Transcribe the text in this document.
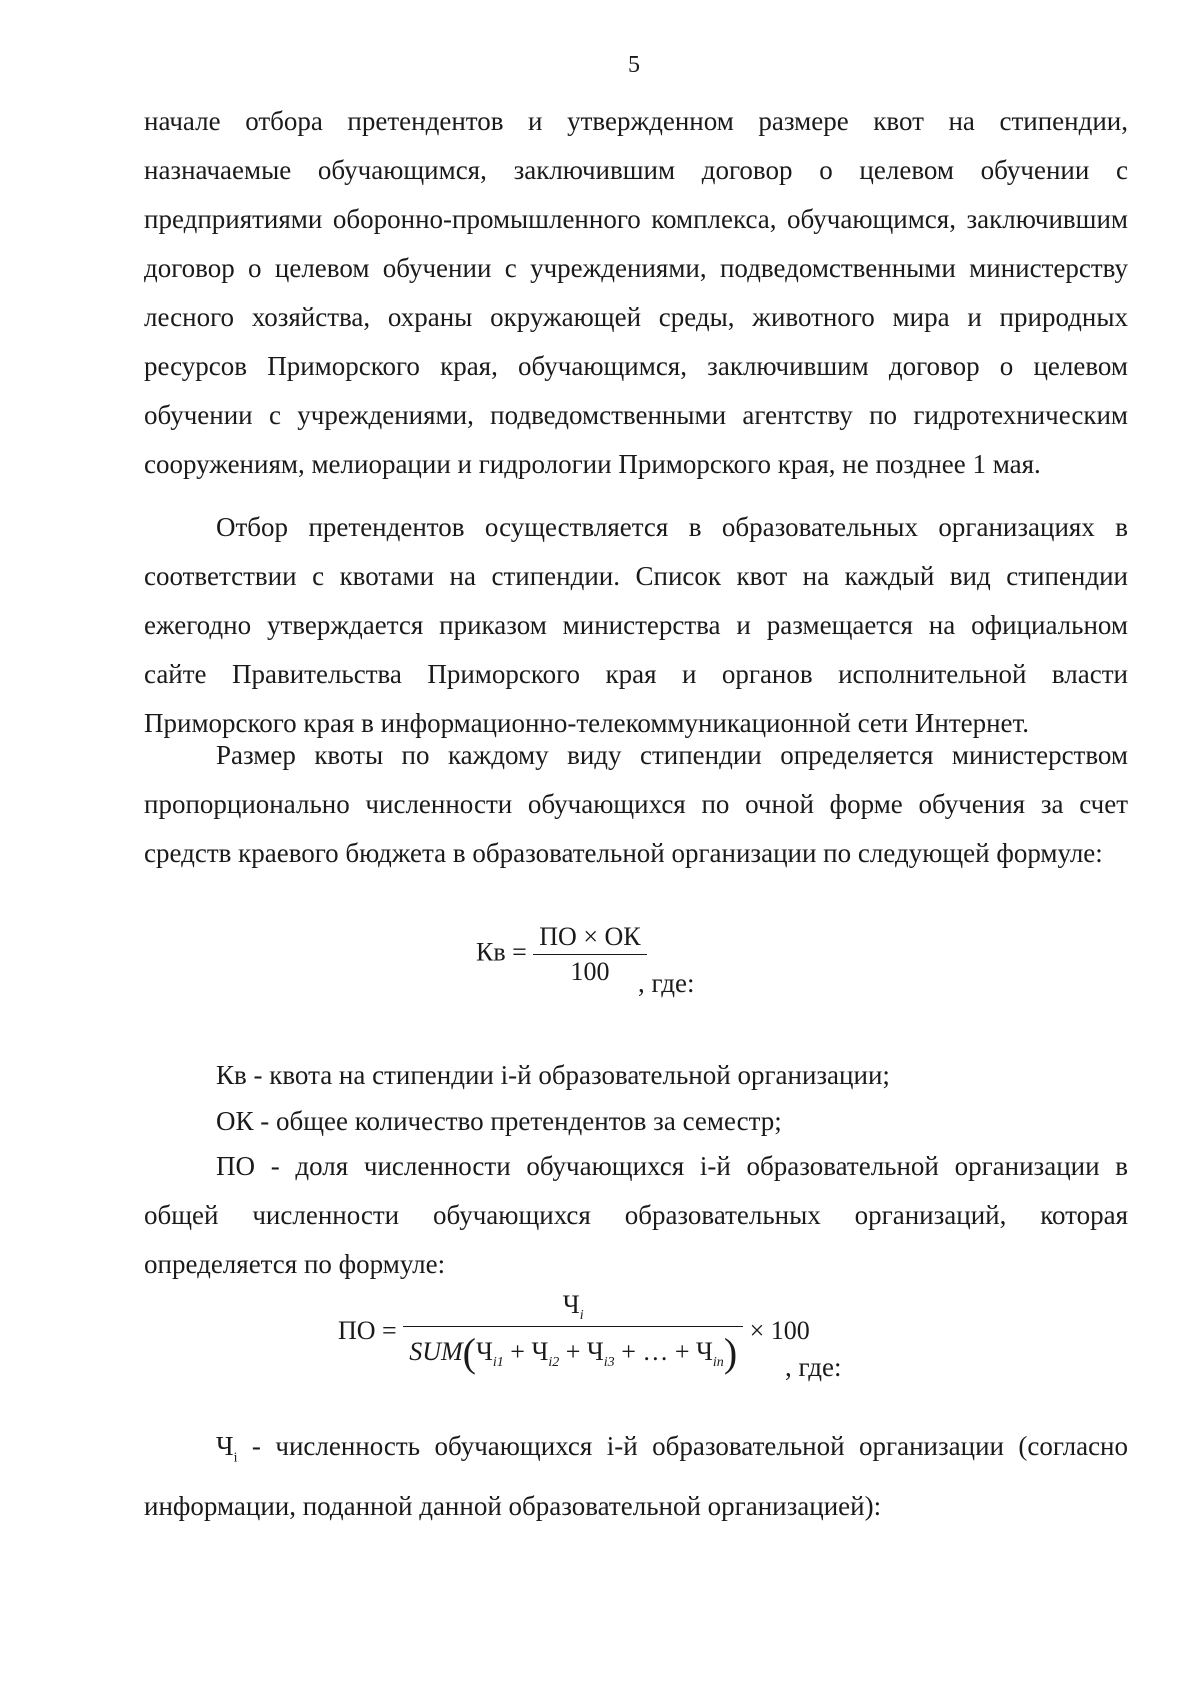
5

начале отбора претендентов и утвержденном размере квот на стипендии, назначаемые обучающимся, заключившим договор о целевом обучении с предприятиями оборонно-промышленного комплекса, обучающимся, заключившим договор о целевом обучении с учреждениями, подведомственными министерству лесного хозяйства, охраны окружающей среды, животного мира и природных ресурсов Приморского края, обучающимся, заключившим договор о целевом обучении с учреждениями, подведомственными агентству по гидротехническим сооружениям, мелиорации и гидрологии Приморского края, не позднее 1 мая.

Отбор претендентов осуществляется в образовательных организациях в соответствии с квотами на стипендии. Список квот на каждый вид стипендии ежегодно утверждается приказом министерства и размещается на официальном сайте Правительства Приморского края и органов исполнительной власти Приморского края в информационно-телекоммуникационной сети Интернет.

Размер квоты по каждому виду стипендии определяется министерством пропорционально численности обучающихся по очной форме обучения за счет средств краевого бюджета в образовательной организации по следующей формуле:

Кв = $\frac{ПО \times ОК}{100}$
, где:
Кв - квота на стипендии i-й образовательной организации;
ОК - общее количество претендентов за семестр;

ПО - доля численности обучающихся i-й образовательной организации в общей численности обучающихся образовательных организаций, которая определяется по формуле:

ПО = $\frac{Ч_i}{SUM(Ч_{i1} + Ч_{i2} + Ч_{i3} + \dots + Ч_{in})} \times 100$
, где:

$Ч_i$ - численность обучающихся i-й образовательной организации (согласно информации, поданной данной образовательной организацией):
